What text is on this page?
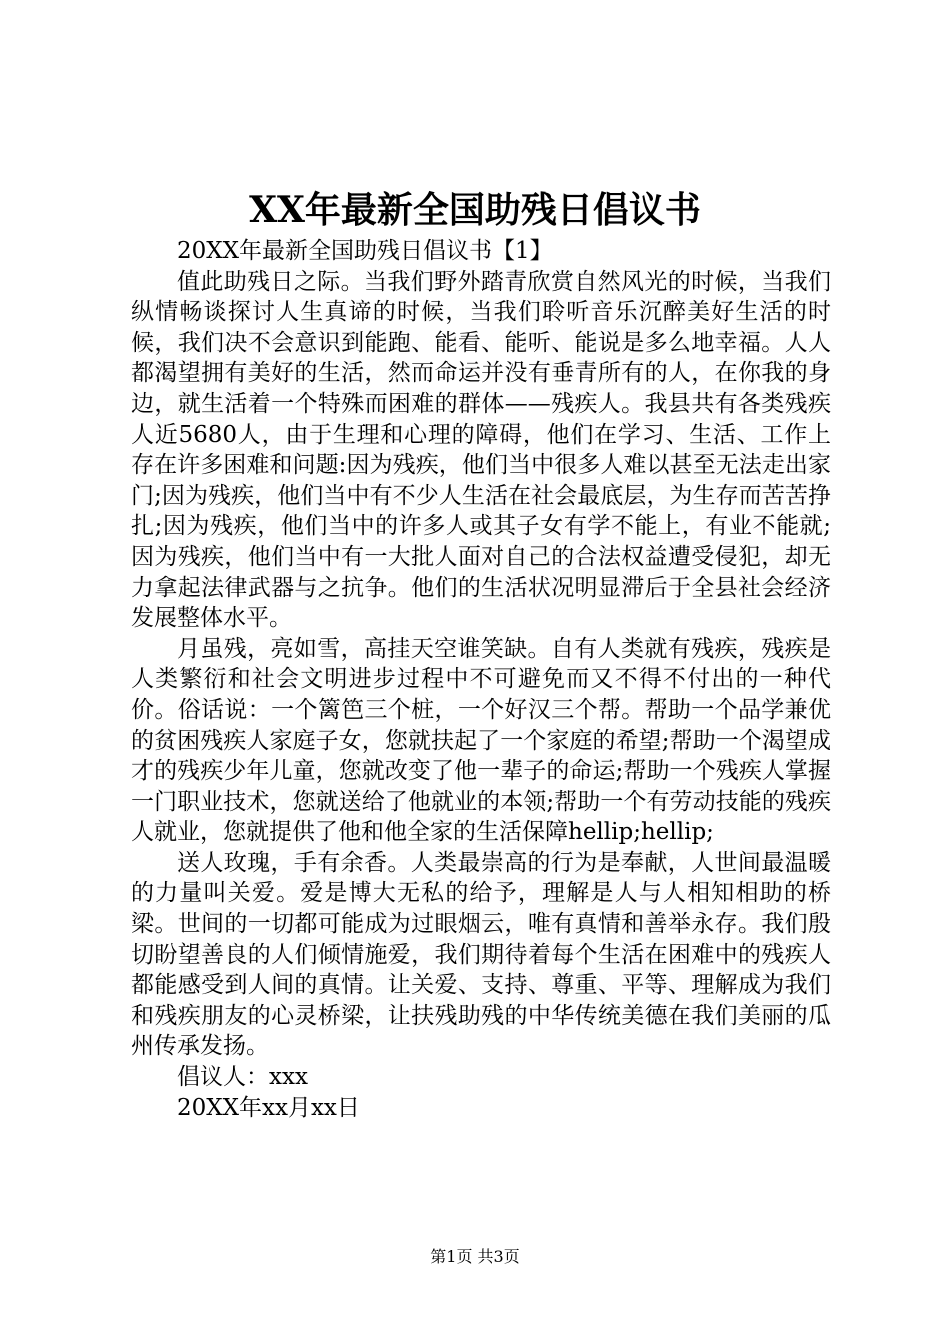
XX年最新全国助残日倡议书

20XX年最新全国助残日倡议书【1】

值此助残日之际。当我们野外踏青欣赏自然风光的时候，当我们纵情畅谈探讨人生真谛的时候，当我们聆听音乐沉醉美好生活的时候，我们决不会意识到能跑、能看、能听、能说是多么地幸福。人人都渴望拥有美好的生活，然而命运并没有垂青所有的人，在你我的身边，就生活着一个特殊而困难的群体——残疾人。我县共有各类残疾人近5680人，由于生理和心理的障碍，他们在学习、生活、工作上存在许多困难和问题:因为残疾，他们当中很多人难以甚至无法走出家门;因为残疾，他们当中有不少人生活在社会最底层，为生存而苦苦挣扎;因为残疾，他们当中的许多人或其子女有学不能上，有业不能就;因为残疾，他们当中有一大批人面对自己的合法权益遭受侵犯，却无力拿起法律武器与之抗争。他们的生活状况明显滞后于全县社会经济发展整体水平。

月虽残，亮如雪，高挂天空谁笑缺。自有人类就有残疾，残疾是人类繁衍和社会文明进步过程中不可避免而又不得不付出的一种代价。俗话说：一个篱笆三个桩，一个好汉三个帮。帮助一个品学兼优的贫困残疾人家庭子女，您就扶起了一个家庭的希望;帮助一个渴望成才的残疾少年儿童，您就改变了他一辈子的命运;帮助一个残疾人掌握一门职业技术，您就送给了他就业的本领;帮助一个有劳动技能的残疾人就业，您就提供了他和他全家的生活保障hellip;hellip;

送人玫瑰，手有余香。人类最崇高的行为是奉献，人世间最温暖的力量叫关爱。爱是博大无私的给予，理解是人与人相知相助的桥梁。世间的一切都可能成为过眼烟云，唯有真情和善举永存。我们殷切盼望善良的人们倾情施爱，我们期待着每个生活在困难中的残疾人都能感受到人间的真情。让关爱、支持、尊重、平等、理解成为我们和残疾朋友的心灵桥梁，让扶残助残的中华传统美德在我们美丽的瓜州传承发扬。

倡议人：xxx

20XX年xx月xx日

第1页 共3页
